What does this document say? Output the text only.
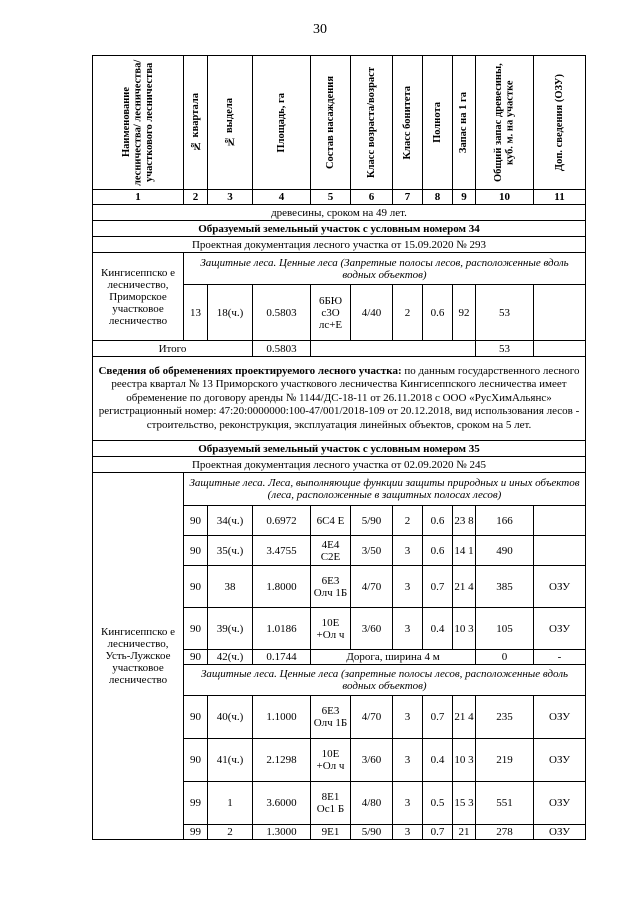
30
Наименование лесничества/ лесничества/ участкового лесничества	№ квартала	№ выдела	Площадь, га	Состав насаждения	Класс возраста/возраст	Класс бонитета	Полнота	Запас на 1 га	Общий запас древесины, куб. м. на участке	Доп. сведения (ОЗУ)

1	2	3	4	5	6	7	8	9	10	11
древесины, сроком на 49 лет.										
Образуемый земельный участок с условным номером 34										
Проектная документация лесного участка от 15.09.2020 № 293										
Кингисеппско е лесничество, Приморское участковое лесничество	Защитные леса. Ценные леса (Запретные полосы лесов, расположенные вдоль водных объектов)									
	13	18(ч.)	0.5803	6БЮ с3О лс+Е	4/40	2	0.6	92	53	
Итого			0.5803						53	
Сведения об обременениях проектируемого лесного участка: по данным государственного лесного реестра квартал № 13 Приморского участкового лесничества Кингисеппского лесничества имеет обременение по договору аренды № 1144/ДС-18-11 от 26.11.2018 с ООО «РусХимАльянс» регистрационный номер: 47:20:0000000:100-47/001/2018-109 от 20.12.2018, вид использования лесов - строительство, реконструкция, эксплуатация линейных объектов, сроком на 5 лет.										
Образуемый земельный участок с условным номером 35										
Проектная документация лесного участка от 02.09.2020 № 245										
Кингисеппско е лесничество, Усть-Лужское участковое лесничество	Защитные леса. Леса, выполняющие функции защиты природных и иных объектов (леса, расположенные в защитных полосах лесов)									
	90	34(ч.)	0.6972	6С4 Е	5/90	2	0.6	23 8	166	
	90	35(ч.)	3.4755	4Е4 С2Е	3/50	3	0.6	14 1	490	
	90	38	1.8000	6Е3 Олч 1Б	4/70	3	0.7	21 4	385	ОЗУ
	90	39(ч.)	1.0186	10Е +Ол ч	3/60	3	0.4	10 3	105	ОЗУ
	90	42(ч.)	0.1744	Дорога, ширина 4 м					0	-
	Защитные леса. Ценные леса (запретные полосы лесов, расположенные вдоль водных объектов)									
	90	40(ч.)	1.1000	6Е3 Олч 1Б	4/70	3	0.7	21 4	235	ОЗУ
	90	41(ч.)	2.1298	10Е +Ол ч	3/60	3	0.4	10 3	219	ОЗУ
	99	1	3.6000	8Е1 Ос1 Б	4/80	3	0.5	15 3	551	ОЗУ
	99	2	1.3000	9Е1	5/90	3	0.7	21	278	ОЗУ
